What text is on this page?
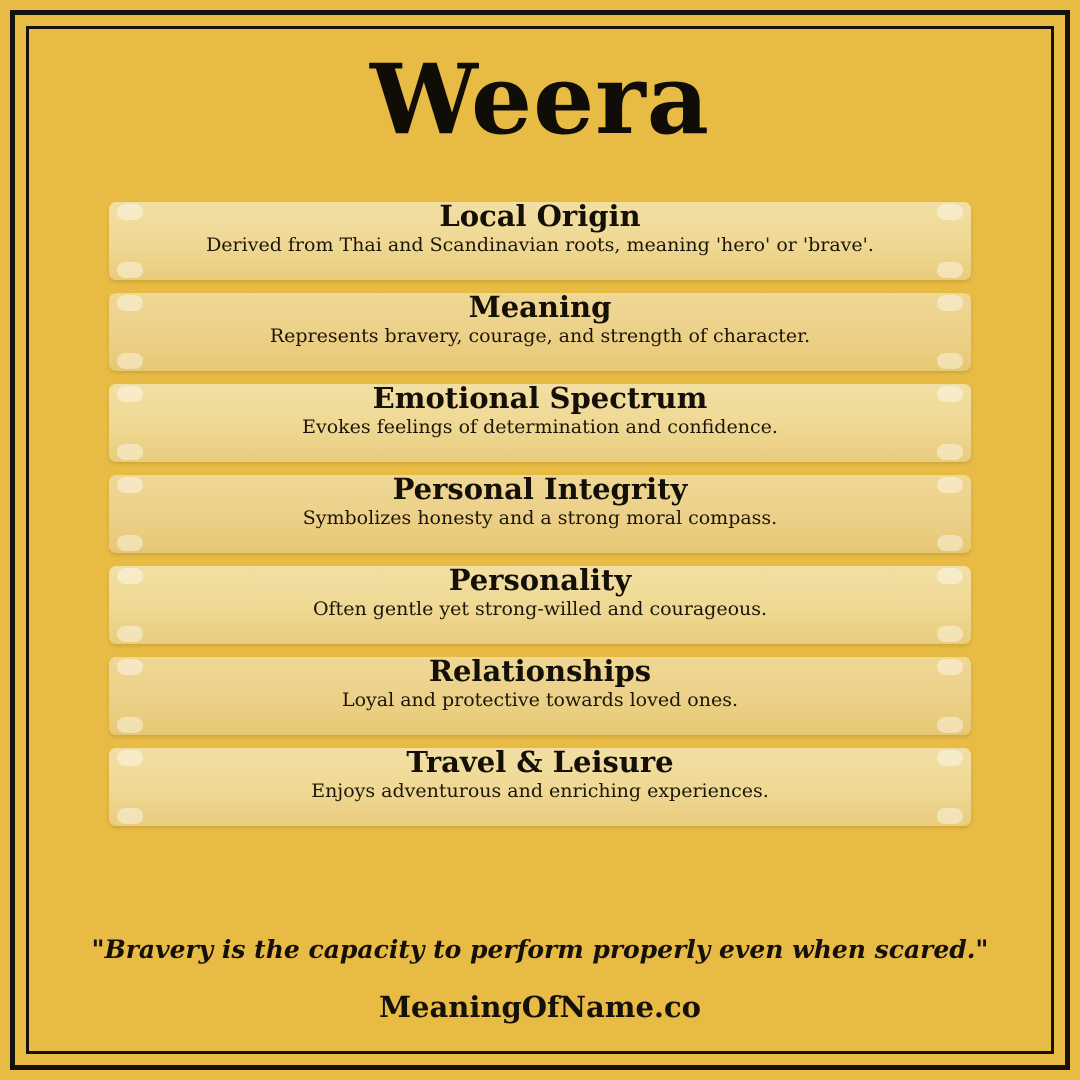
Weera
Local Origin
Derived from Thai and Scandinavian roots, meaning 'hero' or 'brave'.
Meaning
Represents bravery, courage, and strength of character.
Emotional Spectrum
Evokes feelings of determination and confidence.
Personal Integrity
Symbolizes honesty and a strong moral compass.
Personality
Often gentle yet strong-willed and courageous.
Relationships
Loyal and protective towards loved ones.
Travel & Leisure
Enjoys adventurous and enriching experiences.
"Bravery is the capacity to perform properly even when scared."
MeaningOfName.co
